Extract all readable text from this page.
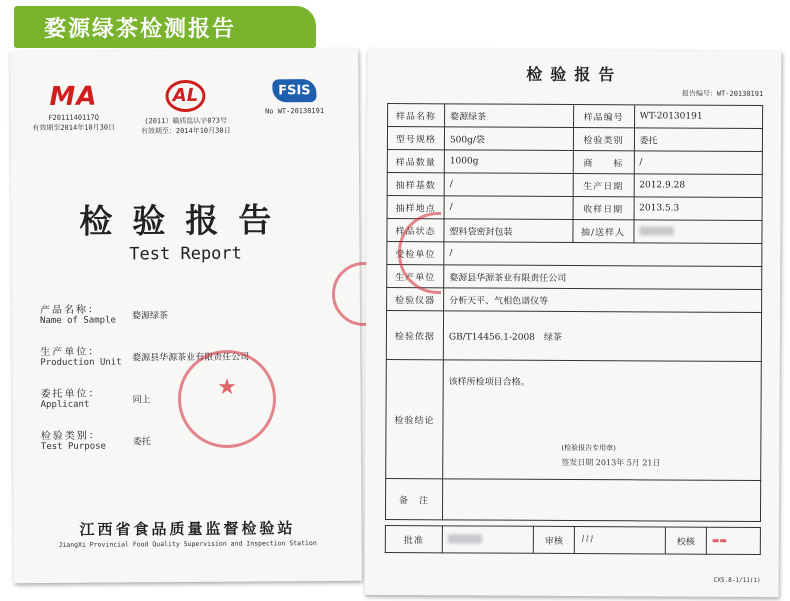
婺源绿茶检测报告
MA
F2011140117Q
有效期至2014年10月30日
AL
(2011）赣质监认字073号
有效期至：2014年10月30日
FSIS
No WT-20130191
检验报告
Test Report
产品名称：
Name of Sample	婺源绿茶
生产单位：
Production Unit	婺源县华源茶业有限责任公司
委托单位：
Applicant	同上
检验类别：
Test Purpose	委托
江西省食品质量监督检验站
JiangXi Provincial Food Quality Supervision and Inspection Station
检验报告
报告编号：WT-20130191
样品名称	婺源绿茶	样品编号	WT-20130191
型号规格	500g/袋	检验类别	委托
样品数量	1000g	商　　标	/
抽样基数	/	生产日期	2012.9.28
抽样地点	/	收样日期	2013.5.3
样品状态	塑料袋密封包装	抽/送样人	
受检单位	/		
生产单位	婺源县华源茶业有限责任公司		
检验仪器	分析天平、气相色谱仪等		
检验依据	GB/T14456.1-2008　绿茶		
检验结论	该样所检项目合格。
(检验报告专用章)
签发日期 2013年 5月 21日		

备　注			
批准		审核	⌇⌇⌇	校核	▬▬
CXS.8-1/11(1)
★
